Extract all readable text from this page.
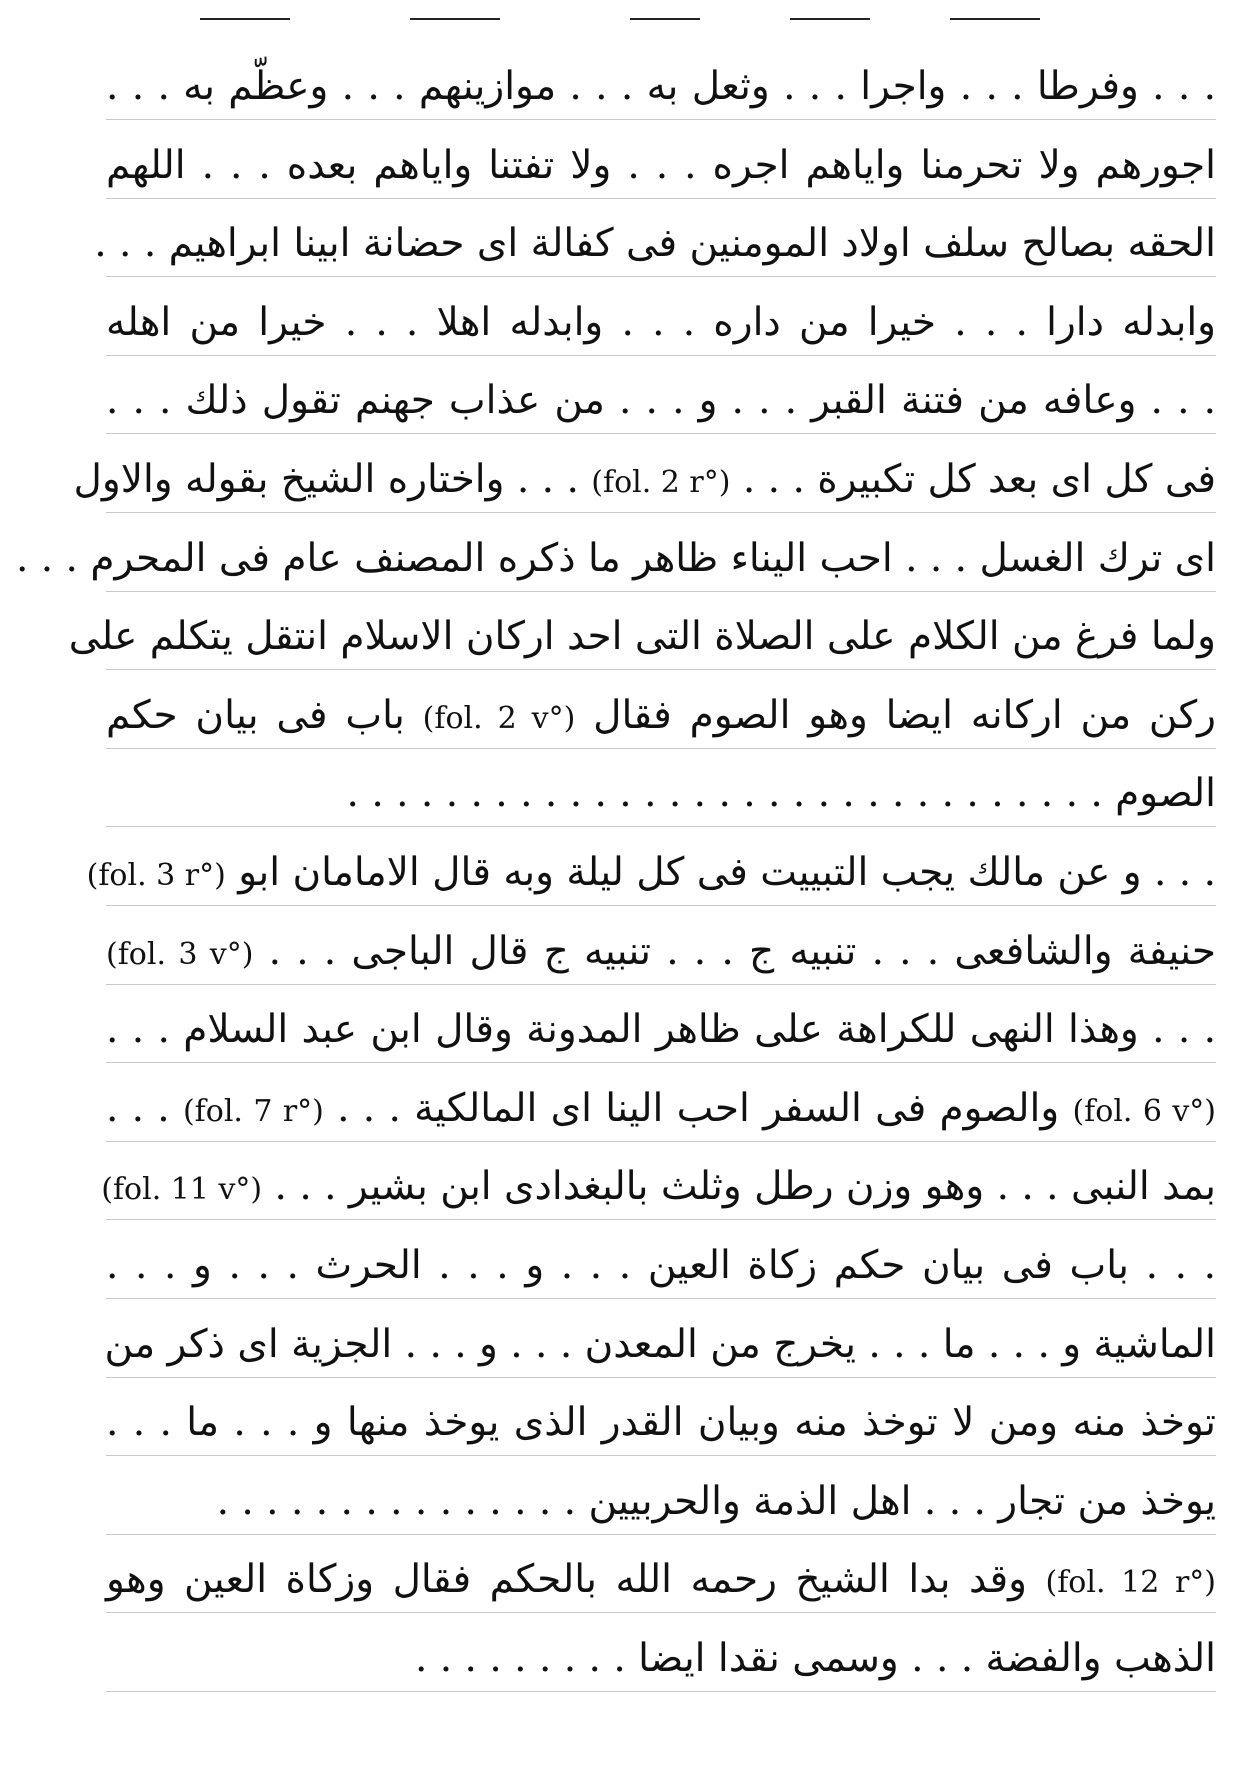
. . . وفرطا . . . واجرا . . . وثعل به . . . موازينهم . . . وعظّم به . . .
اجورهم ولا تحرمنا واياهم اجره . . . ولا تفتنا واياهم بعده . . . اللهم
الحقه بصالح سلف اولاد المومنين فى كفالة اى حضانة ابينا ابراهيم . . .
وابدله دارا . . . خيرا من داره . . . وابدله اهلا . . . خيرا من اهله
. . . وعافه من فتنة القبر . . . و . . . من عذاب جهنم تقول ذلك . . .
فى كل اى بعد كل تكبيرة . . . (fol. 2 r°) . . . واختاره الشيخ بقوله والاول
اى ترك الغسل . . . احب اليناء ظاهر ما ذكره المصنف عام فى المحرم . . .
ولما فرغ من الكلام على الصلاة التى احد اركان الاسلام انتقل يتكلم على
ركن من اركانه ايضا وهو الصوم فقال (fol. 2 v°) باب فى بيان حكم
الصوم . . . . . . . . . . . . . . . . . . . . . . . . . . . . . . .
. . . و عن مالك يجب التبييت فى كل ليلة وبه قال الامامان ابو (fol. 3 r°)
حنيفة والشافعى . . . تنبيه ج . . . تنبيه ج قال الباجى . . . (fol. 3 v°)
. . . وهذا النهى للكراهة على ظاهر المدونة وقال ابن عبد السلام . . .
(fol. 6 v°) والصوم فى السفر احب الينا اى المالكية . . . (fol. 7 r°) . . .
بمد النبى . . . وهو وزن رطل وثلث بالبغدادى ابن بشير . . . (fol. 11 v°)
. . . باب فى بيان حكم زكاة العين . . . و . . . الحرث . . . و . . .
الماشية و . . . ما . . . يخرج من المعدن . . . و . . . الجزية اى ذكر من
توخذ منه ومن لا توخذ منه وبيان القدر الذى يوخذ منها و . . . ما . . .
يوخذ من تجار . . . اهل الذمة والحربيين . . . . . . . . . . . . . . .
(fol. 12 r°) وقد بدا الشيخ رحمه الله بالحكم فقال وزكاة العين وهو
الذهب والفضة . . . وسمى نقدا ايضا . . . . . . . . .
